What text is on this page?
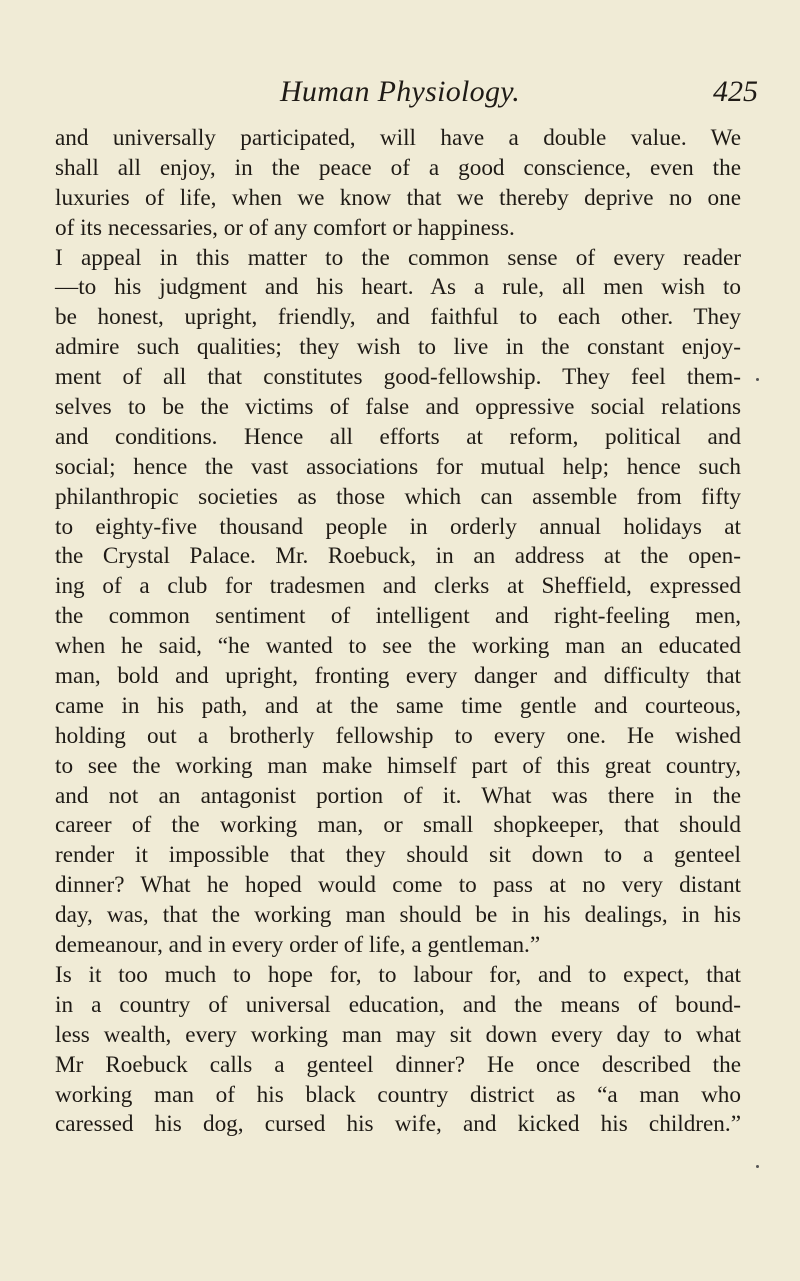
Human Physiology.	425
and universally participated, will have a double value. We
shall all enjoy, in the peace of a good conscience, even the
luxuries of life, when we know that we thereby deprive no one
of its necessaries, or of any comfort or happiness.
I appeal in this matter to the common sense of every reader
—to his judgment and his heart. As a rule, all men wish to
be honest, upright, friendly, and faithful to each other. They
admire such qualities; they wish to live in the constant enjoy-
ment of all that constitutes good-fellowship. They feel them-
selves to be the victims of false and oppressive social relations
and conditions. Hence all efforts at reform, political and
social; hence the vast associations for mutual help; hence such
philanthropic societies as those which can assemble from fifty
to eighty-five thousand people in orderly annual holidays at
the Crystal Palace. Mr. Roebuck, in an address at the open-
ing of a club for tradesmen and clerks at Sheffield, expressed
the common sentiment of intelligent and right-feeling men,
when he said, “he wanted to see the working man an educated
man, bold and upright, fronting every danger and difficulty that
came in his path, and at the same time gentle and courteous,
holding out a brotherly fellowship to every one. He wished
to see the working man make himself part of this great country,
and not an antagonist portion of it. What was there in the
career of the working man, or small shopkeeper, that should
render it impossible that they should sit down to a genteel
dinner? What he hoped would come to pass at no very distant
day, was, that the working man should be in his dealings, in his
demeanour, and in every order of life, a gentleman.”
Is it too much to hope for, to labour for, and to expect, that
in a country of universal education, and the means of bound-
less wealth, every working man may sit down every day to what
Mr Roebuck calls a genteel dinner? He once described the
working man of his black country district as “a man who
caressed his dog, cursed his wife, and kicked his children.”
